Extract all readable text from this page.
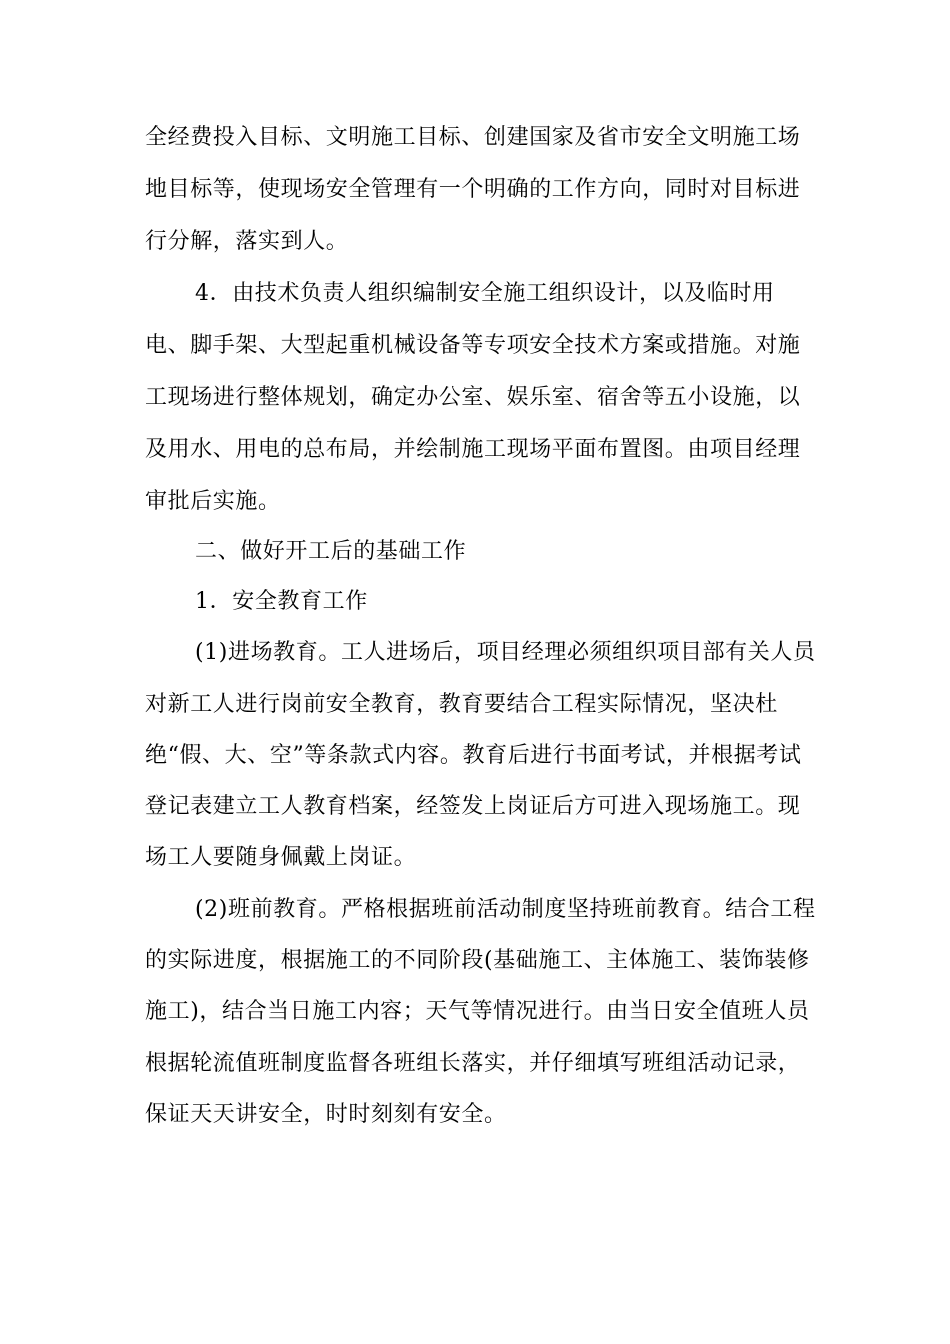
全经费投入目标、文明施工目标、创建国家及省市安全文明施工场
地目标等，使现场安全管理有一个明确的工作方向，同时对目标进
行分解，落实到人。
4．由技术负责人组织编制安全施工组织设计，以及临时用
电、脚手架、大型起重机械设备等专项安全技术方案或措施。对施
工现场进行整体规划，确定办公室、娱乐室、宿舍等五小设施，以
及用水、用电的总布局，并绘制施工现场平面布置图。由项目经理
审批后实施。
二、做好开工后的基础工作
1．安全教育工作
(1)进场教育。工人进场后，项目经理必须组织项目部有关人员
对新工人进行岗前安全教育，教育要结合工程实际情况，坚决杜
绝“假、大、空”等条款式内容。教育后进行书面考试，并根据考试
登记表建立工人教育档案，经签发上岗证后方可进入现场施工。现
场工人要随身佩戴上岗证。
(2)班前教育。严格根据班前活动制度坚持班前教育。结合工程
的实际进度，根据施工的不同阶段(基础施工、主体施工、装饰装修
施工)，结合当日施工内容；天气等情况进行。由当日安全值班人员
根据轮流值班制度监督各班组长落实，并仔细填写班组活动记录，
保证天天讲安全，时时刻刻有安全。
